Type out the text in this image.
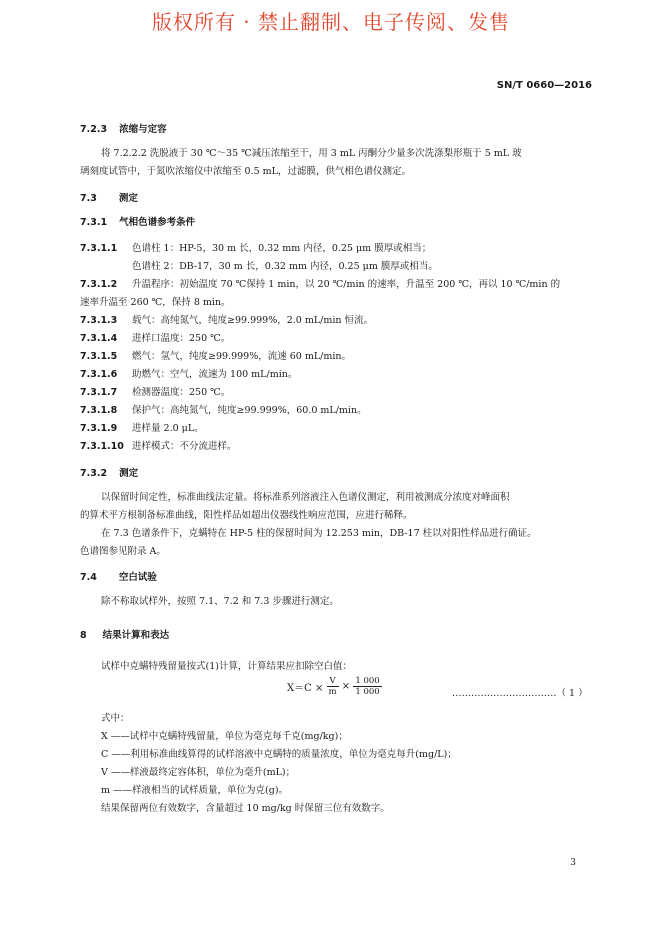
版权所有 · 禁止翻制、电子传阅、发售
SN/T 0660—2016
7.2.3 浓缩与定容
将 7.2.2.2 洗脱液于 30 ℃～35 ℃减压浓缩至干，用 3 mL 丙酮分少量多次洗涤梨形瓶于 5 mL 玻
璃刻度试管中，于氮吹浓缩仪中浓缩至 0.5 mL，过滤膜，供气相色谱仪测定。
7.3 测定
7.3.1 气相色谱参考条件
7.3.1.1 色谱柱 1：HP-5，30 m 长，0.32 mm 内径，0.25 μm 膜厚或相当；
色谱柱 2：DB-17，30 m 长，0.32 mm 内径，0.25 μm 膜厚或相当。
7.3.1.2 升温程序：初始温度 70 ℃保持 1 min，以 20 ℃/min 的速率，升温至 200 ℃，再以 10 ℃/min 的
速率升温至 260 ℃，保持 8 min。
7.3.1.3 载气：高纯氮气，纯度≥99.999%，2.0 mL/min 恒流。
7.3.1.4 进样口温度：250 ℃。
7.3.1.5 燃气：氢气，纯度≥99.999%，流速 60 mL/min。
7.3.1.6 助燃气：空气，流速为 100 mL/min。
7.3.1.7 检测器温度：250 ℃。
7.3.1.8 保护气：高纯氮气，纯度≥99.999%，60.0 mL/min。
7.3.1.9 进样量 2.0 μL。
7.3.1.10 进样模式：不分流进样。
7.3.2 测定
以保留时间定性，标准曲线法定量。将标准系列溶液注入色谱仪测定，利用被测成分浓度对峰面积
的算术平方根制备标准曲线，阳性样品如超出仪器线性响应范围，应进行稀释。
在 7.3 色谱条件下，克螨特在 HP-5 柱的保留时间为 12.253 min，DB-17 柱以对阳性样品进行确证。
色谱图参见附录 A。
7.4 空白试验
除不称取试样外，按照 7.1、7.2 和 7.3 步骤进行测定。
8 结果计算和表达
试样中克螨特残留量按式(1)计算，计算结果应扣除空白值：
$X=C \times \frac{V}{m} \times \frac{1 000}{1 000}$	……………………………（ 1 ）
式中：
X ——试样中克螨特残留量，单位为毫克每千克(mg/kg)；
C ——利用标准曲线算得的试样溶液中克螨特的质量浓度，单位为毫克每升(mg/L)；
V ——样液最终定容体积，单位为毫升(mL)；
m ——样液相当的试样质量，单位为克(g)。
结果保留两位有效数字，含量超过 10 mg/kg 时保留三位有效数字。
3
